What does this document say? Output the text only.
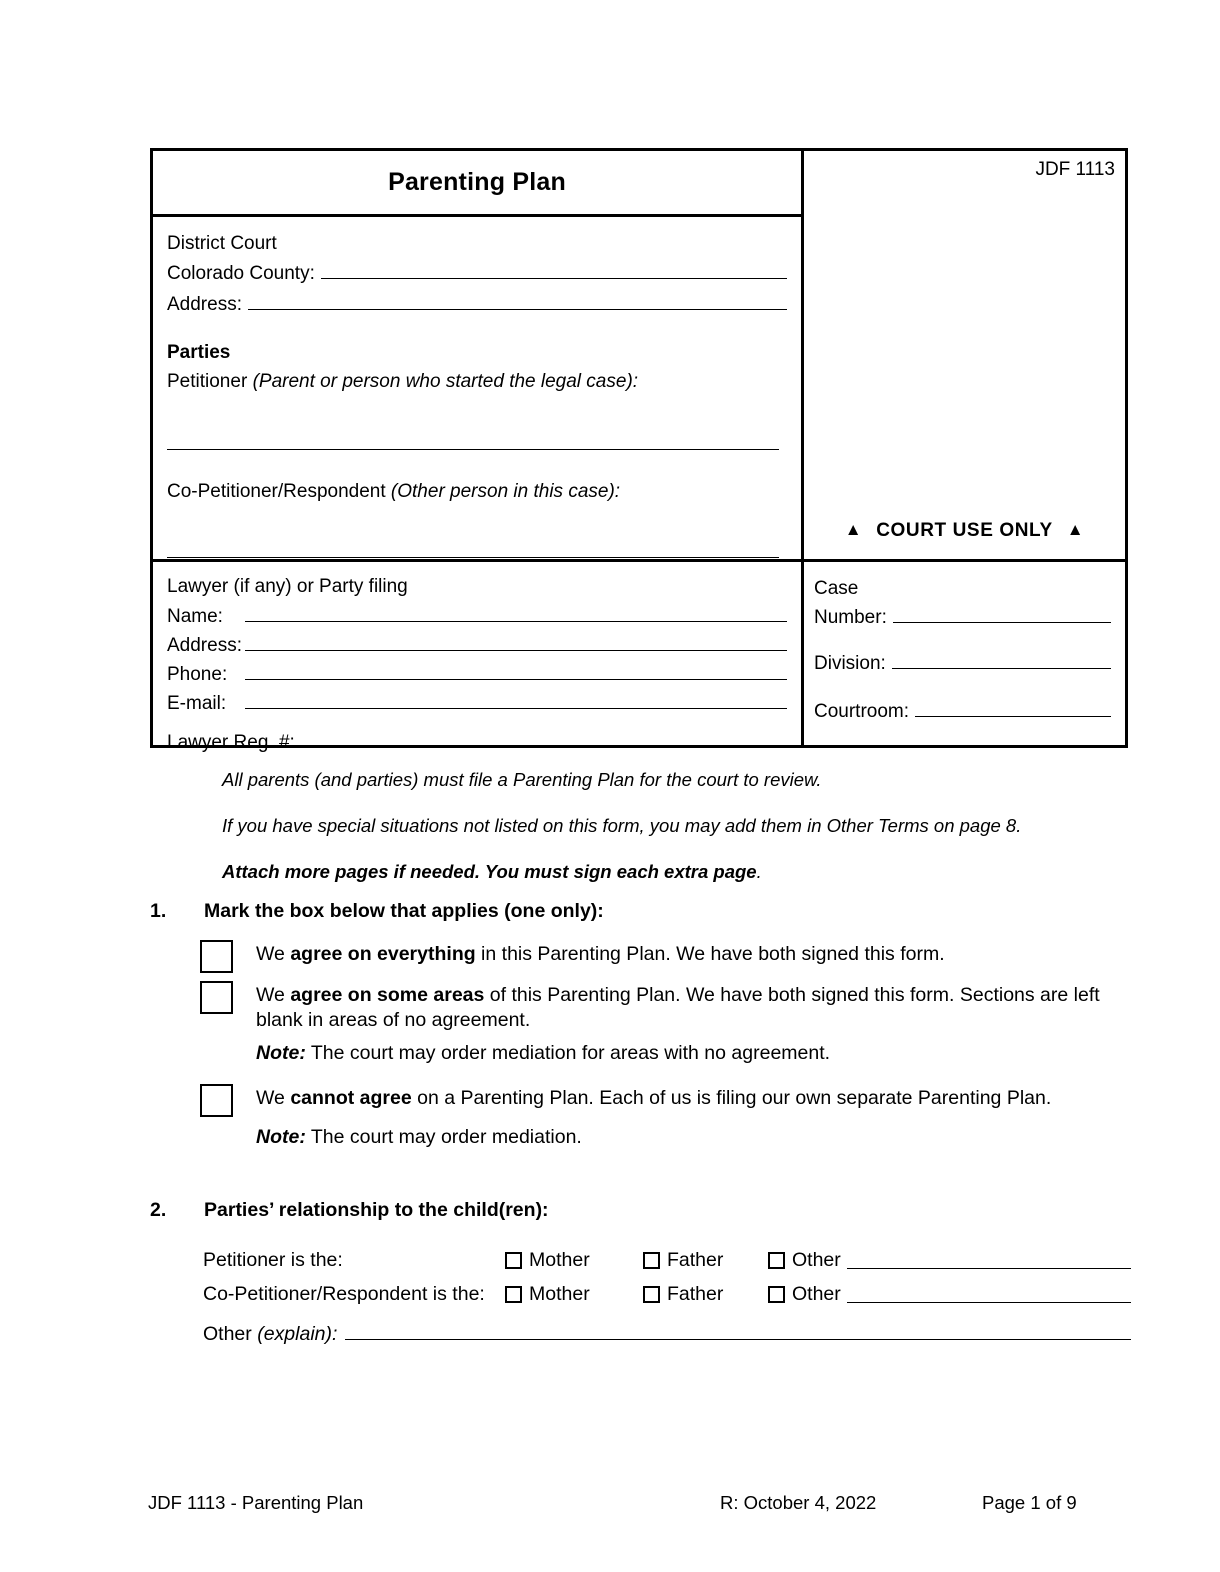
Parenting Plan
District Court
Colorado County:
Address:
Parties
Petitioner (Parent or person who started the legal case):
Co-Petitioner/Respondent (Other person in this case):
Lawyer (if any) or Party filing
Name:
Address:
Phone:
E-mail:
Lawyer Reg. #:
JDF 1113
▲ COURT USE ONLY ▲
Case
Number:
Division:
Courtroom:

All parents (and parties) must file a Parenting Plan for the court to review.

If you have special situations not listed on this form, you may add them in Other Terms on page 8.

Attach more pages if needed. You must sign each extra page.

1.	Mark the box below that applies (one only):
We agree on everything in this Parenting Plan. We have both signed this form.
We agree on some areas of this Parenting Plan. We have both signed this form. Sections are left blank in areas of no agreement.
Note: The court may order mediation for areas with no agreement.
We cannot agree on a Parenting Plan. Each of us is filing our own separate Parenting Plan.
Note: The court may order mediation.
2.	Parties’ relationship to the child(ren):
Petitioner is the:	Mother	Father	Other
Co-Petitioner/Respondent is the:	Mother	Father	Other
Other
(explain):
JDF 1113 - Parenting Plan	R: October 4, 2022	Page 1 of 9
